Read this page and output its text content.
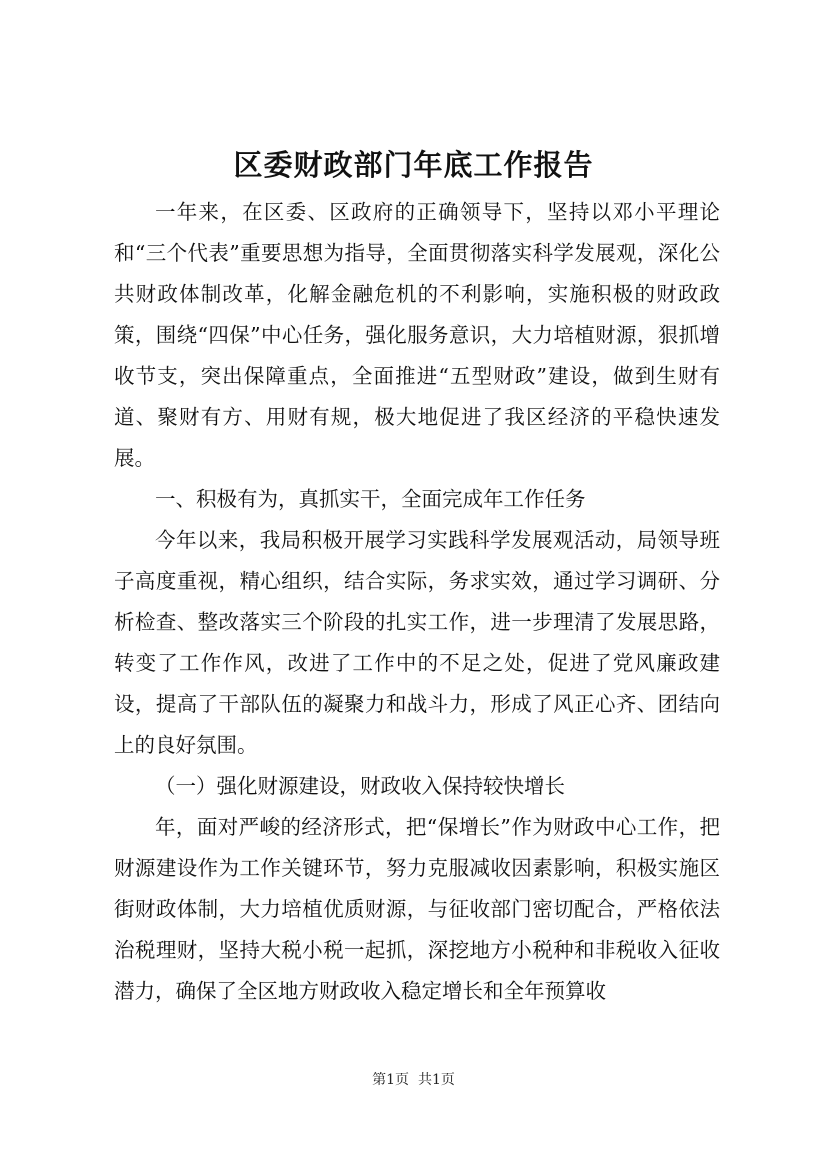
区委财政部门年底工作报告

一年来，在区委、区政府的正确领导下，坚持以邓小平理论和“三个代表”重要思想为指导，全面贯彻落实科学发展观，深化公共财政体制改革，化解金融危机的不利影响，实施积极的财政政策，围绕“四保”中心任务，强化服务意识，大力培植财源，狠抓增收节支，突出保障重点，全面推进“五型财政”建设，做到生财有道、聚财有方、用财有规，极大地促进了我区经济的平稳快速发展。

一、积极有为，真抓实干，全面完成年工作任务

今年以来，我局积极开展学习实践科学发展观活动，局领导班子高度重视，精心组织，结合实际，务求实效，通过学习调研、分析检查、整改落实三个阶段的扎实工作，进一步理清了发展思路，转变了工作作风，改进了工作中的不足之处，促进了党风廉政建设，提高了干部队伍的凝聚力和战斗力，形成了风正心齐、团结向上的良好氛围。

（一）强化财源建设，财政收入保持较快增长

年，面对严峻的经济形式，把“保增长”作为财政中心工作，把财源建设作为工作关键环节，努力克服减收因素影响，积极实施区街财政体制，大力培植优质财源，与征收部门密切配合，严格依法治税理财，坚持大税小税一起抓，深挖地方小税种和非税收入征收潜力，确保了全区地方财政收入稳定增长和全年预算收

第1页  共1页
